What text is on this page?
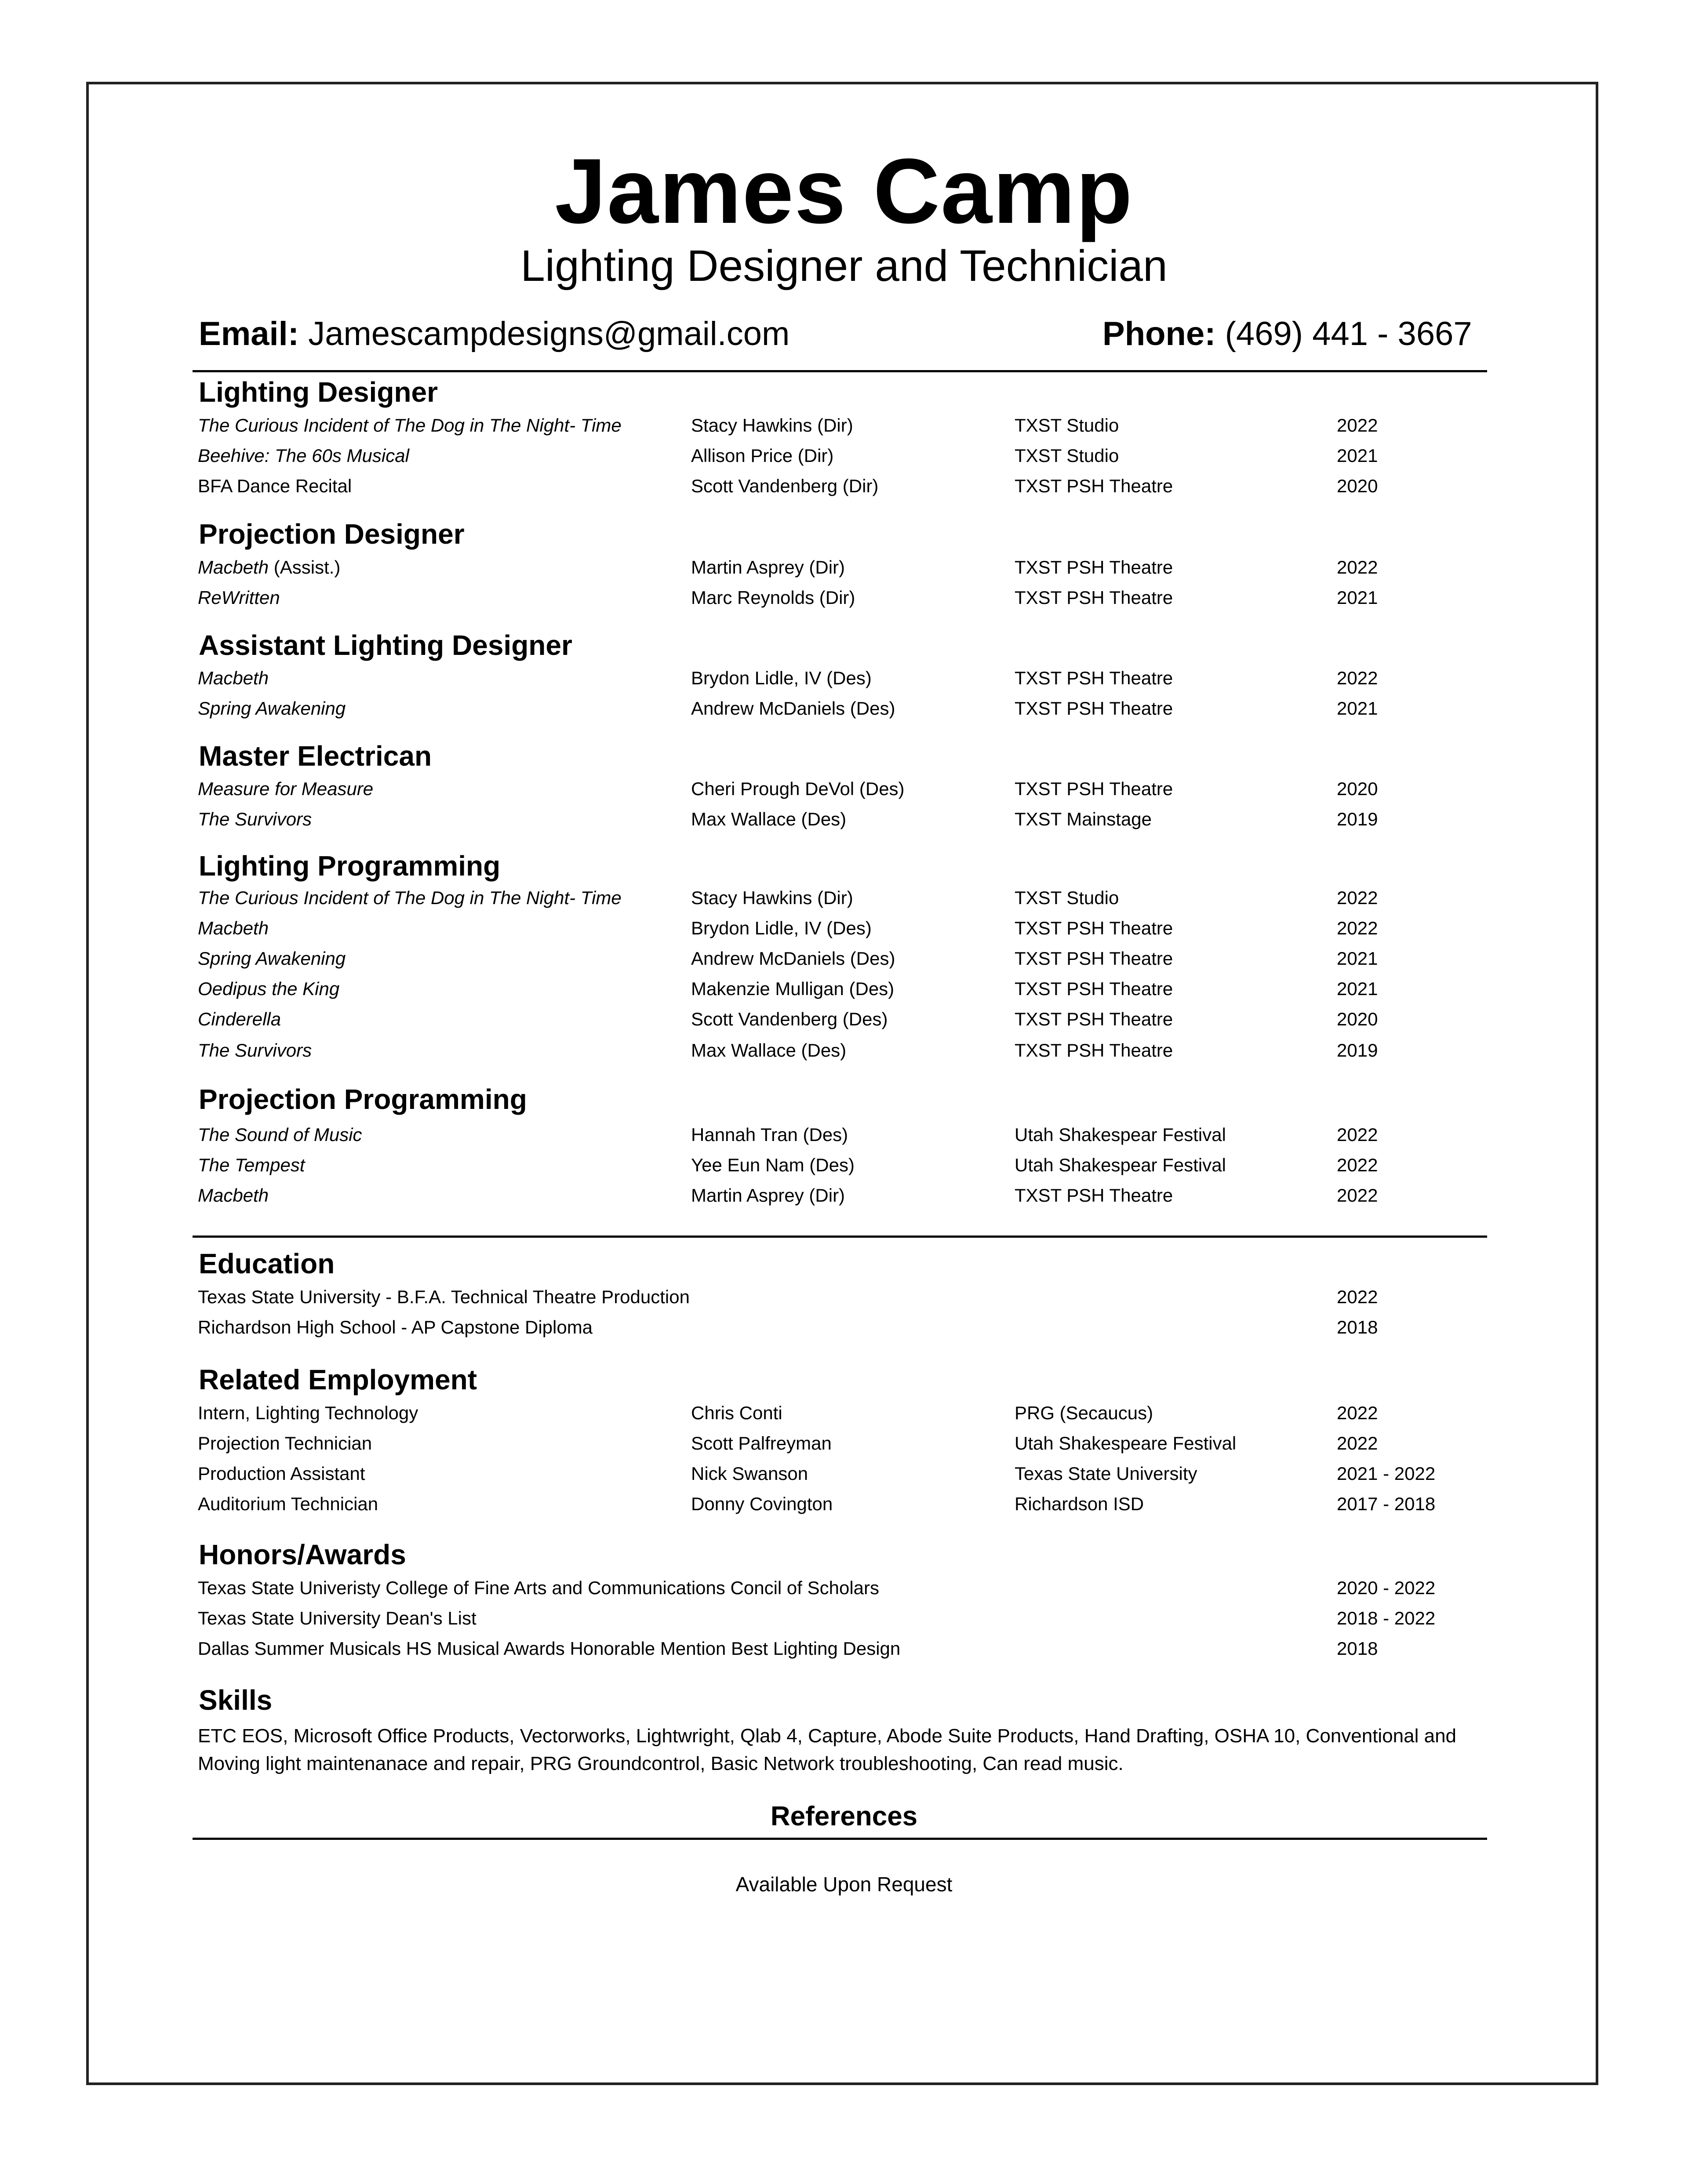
James Camp
Lighting Designer and Technician
Email: Jamescampdesigns@gmail.com	Phone: (469) 441 - 3667
Lighting Designer
The Curious Incident of The Dog in The Night- Time	Stacy Hawkins (Dir)	TXST Studio	2022
Beehive: The 60s Musical	Allison Price (Dir)	TXST Studio	2021
BFA Dance Recital	Scott Vandenberg (Dir)	TXST PSH Theatre	2020
Projection Designer
Macbeth (Assist.)	Martin Asprey (Dir)	TXST PSH Theatre	2022
ReWritten	Marc Reynolds (Dir)	TXST PSH Theatre	2021
Assistant Lighting Designer
Macbeth	Brydon Lidle, IV (Des)	TXST PSH Theatre	2022
Spring Awakening	Andrew McDaniels (Des)	TXST PSH Theatre	2021
Master Electrican
Measure for Measure	Cheri Prough DeVol (Des)	TXST PSH Theatre	2020
The Survivors	Max Wallace (Des)	TXST Mainstage	2019
Lighting Programming
The Curious Incident of The Dog in The Night- Time	Stacy Hawkins (Dir)	TXST Studio	2022
Macbeth	Brydon Lidle, IV (Des)	TXST PSH Theatre	2022
Spring Awakening	Andrew McDaniels (Des)	TXST PSH Theatre	2021
Oedipus the King	Makenzie Mulligan (Des)	TXST PSH Theatre	2021
Cinderella	Scott Vandenberg (Des)	TXST PSH Theatre	2020
The Survivors	Max Wallace (Des)	TXST PSH Theatre	2019
Projection Programming
The Sound of Music	Hannah Tran (Des)	Utah Shakespear Festival	2022
The Tempest	Yee Eun Nam (Des)	Utah Shakespear Festival	2022
Macbeth	Martin Asprey (Dir)	TXST PSH Theatre	2022
Education
Texas State University - B.F.A. Technical Theatre Production	2022
Richardson High School - AP Capstone Diploma	2018
Related Employment
Intern, Lighting Technology	Chris Conti	PRG (Secaucus)	2022
Projection Technician	Scott Palfreyman	Utah Shakespeare Festival	2022
Production Assistant	Nick Swanson	Texas State University	2021 - 2022
Auditorium Technician	Donny Covington	Richardson ISD	2017 - 2018
Honors/Awards
Texas State Univeristy College of Fine Arts and Communications Concil of Scholars	2020 - 2022
Texas State University Dean's List	2018 - 2022
Dallas Summer Musicals HS Musical Awards Honorable Mention Best Lighting Design	2018
Skills
ETC EOS, Microsoft Office Products, Vectorworks, Lightwright, Qlab 4, Capture, Abode Suite Products, Hand Drafting, OSHA 10, Conventional and Moving light maintenanace and repair, PRG Groundcontrol, Basic Network troubleshooting, Can read music.
References
Available Upon Request
